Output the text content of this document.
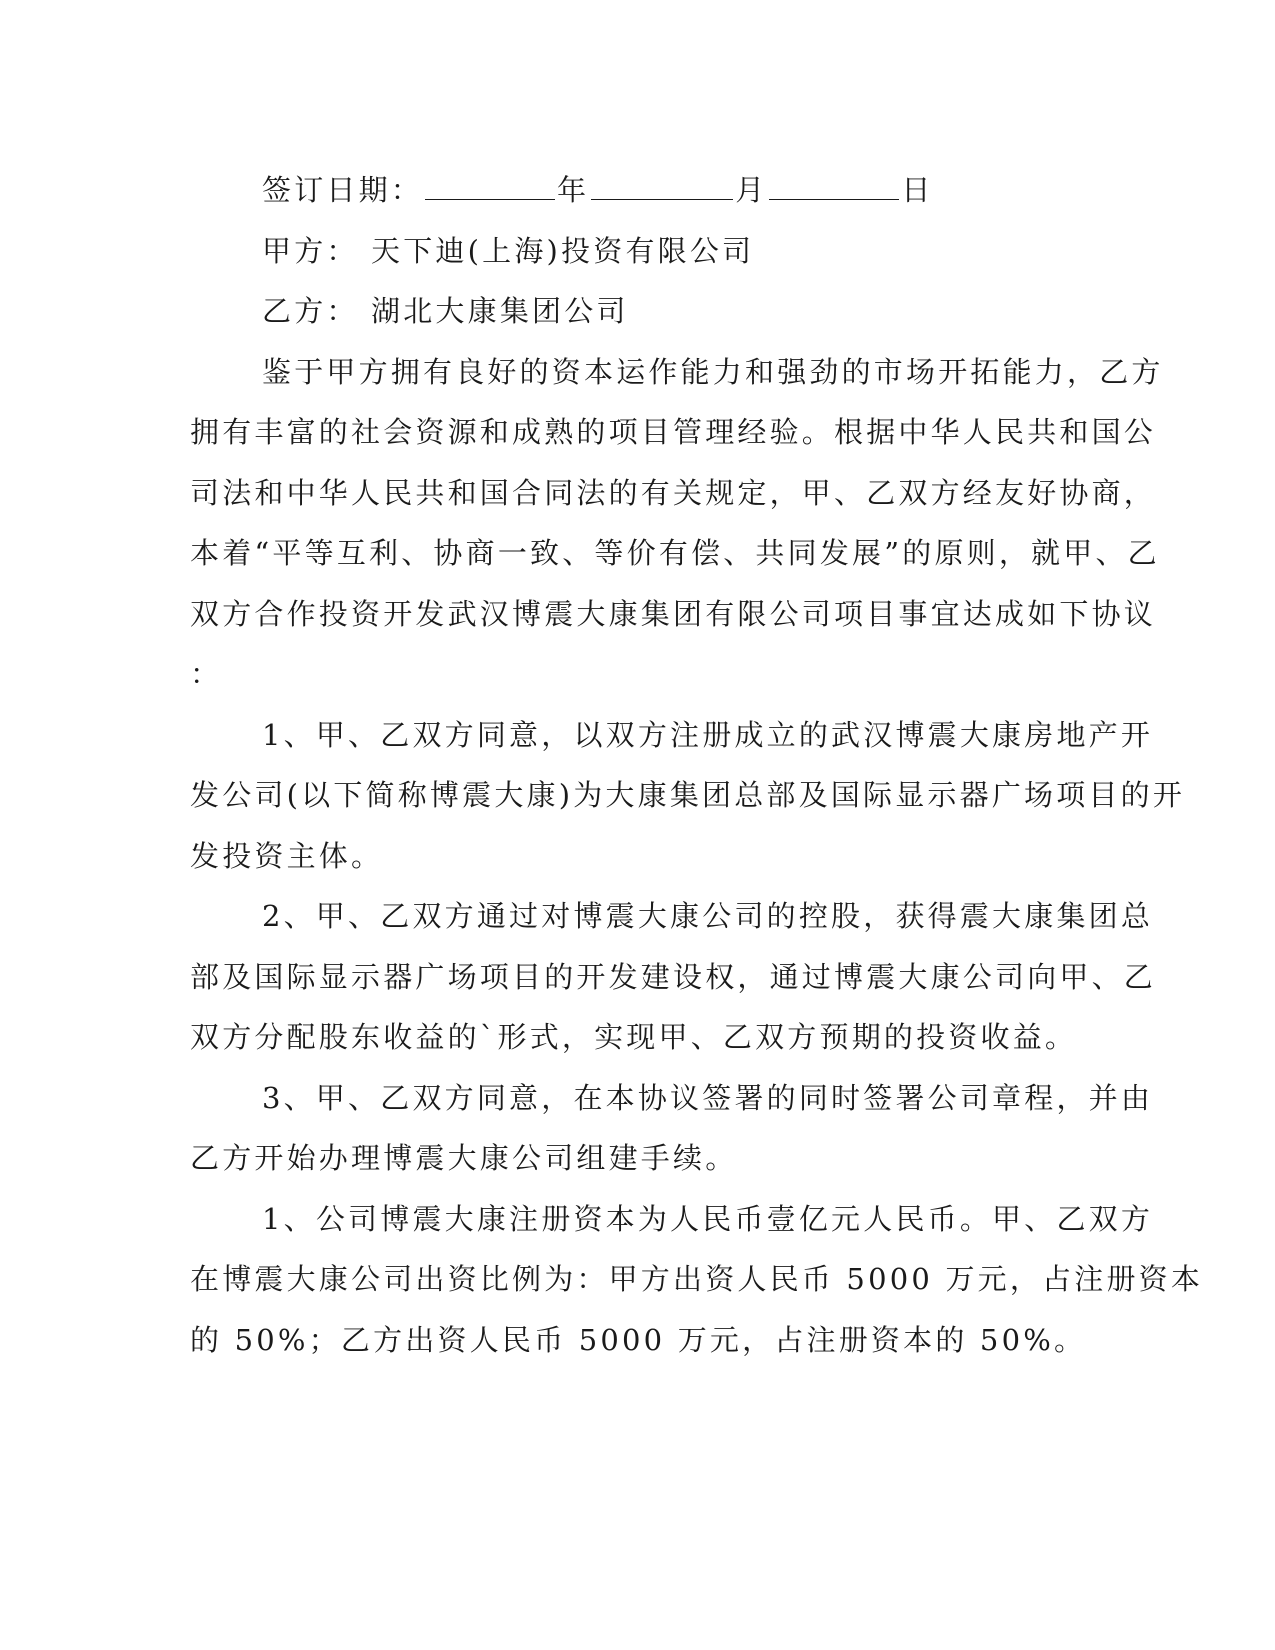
签订日期：	年	月	日
甲方： 天下迪(上海)投资有限公司
乙方： 湖北大康集团公司
鉴于甲方拥有良好的资本运作能力和强劲的市场开拓能力，乙方
拥有丰富的社会资源和成熟的项目管理经验。根据中华人民共和国公
司法和中华人民共和国合同法的有关规定，甲、乙双方经友好协商，
本着“平等互利、协商一致、等价有偿、共同发展”的原则，就甲、乙
双方合作投资开发武汉博震大康集团有限公司项目事宜达成如下协议
：
1、甲、乙双方同意，以双方注册成立的武汉博震大康房地产开
发公司(以下简称博震大康)为大康集团总部及国际显示器广场项目的开
发投资主体。
2、甲、乙双方通过对博震大康公司的控股，获得震大康集团总
部及国际显示器广场项目的开发建设权，通过博震大康公司向甲、乙
双方分配股东收益的`形式，实现甲、乙双方预期的投资收益。
3、甲、乙双方同意，在本协议签署的同时签署公司章程，并由
乙方开始办理博震大康公司组建手续。
1、公司博震大康注册资本为人民币壹亿元人民币。甲、乙双方
在博震大康公司出资比例为：甲方出资人民币 5000 万元，占注册资本
的 50%；乙方出资人民币 5000 万元，占注册资本的 50%。
